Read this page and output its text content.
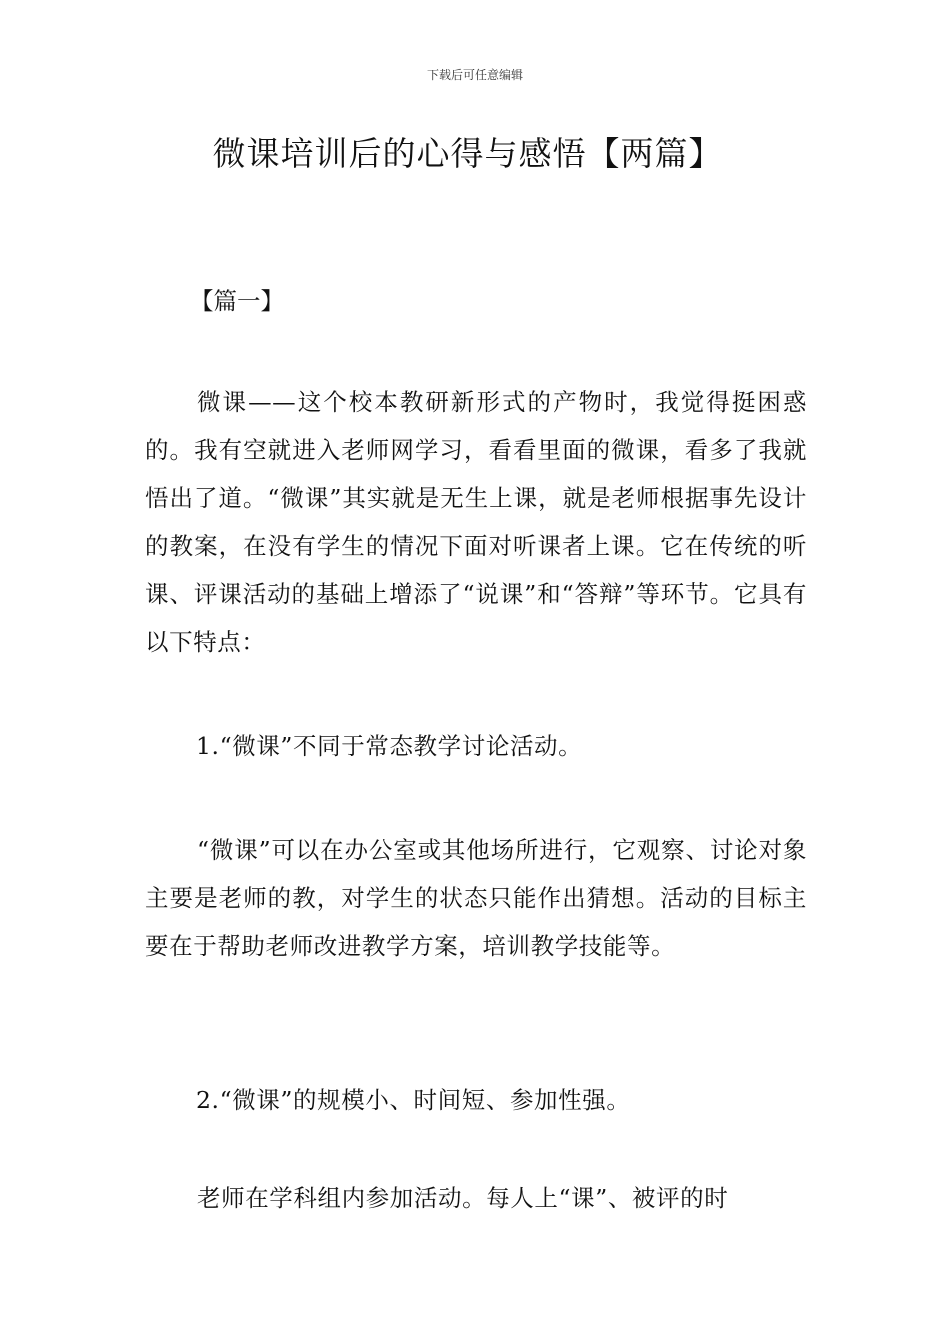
下载后可任意编辑
微课培训后的心得与感悟【两篇】

【篇一】

微课——这个校本教研新形式的产物时，我觉得挺困惑的。我有空就进入老师网学习，看看里面的微课，看多了我就悟出了道。“微课”其实就是无生上课，就是老师根据事先设计的教案，在没有学生的情况下面对听课者上课。它在传统的听课、评课活动的基础上增添了“说课”和“答辩”等环节。它具有以下特点：

1.“微课”不同于常态教学讨论活动。

“微课”可以在办公室或其他场所进行，它观察、讨论对象主要是老师的教，对学生的状态只能作出猜想。活动的目标主要在于帮助老师改进教学方案，培训教学技能等。

2.“微课”的规模小、时间短、参加性强。

老师在学科组内参加活动。每人上“课”、被评的时
